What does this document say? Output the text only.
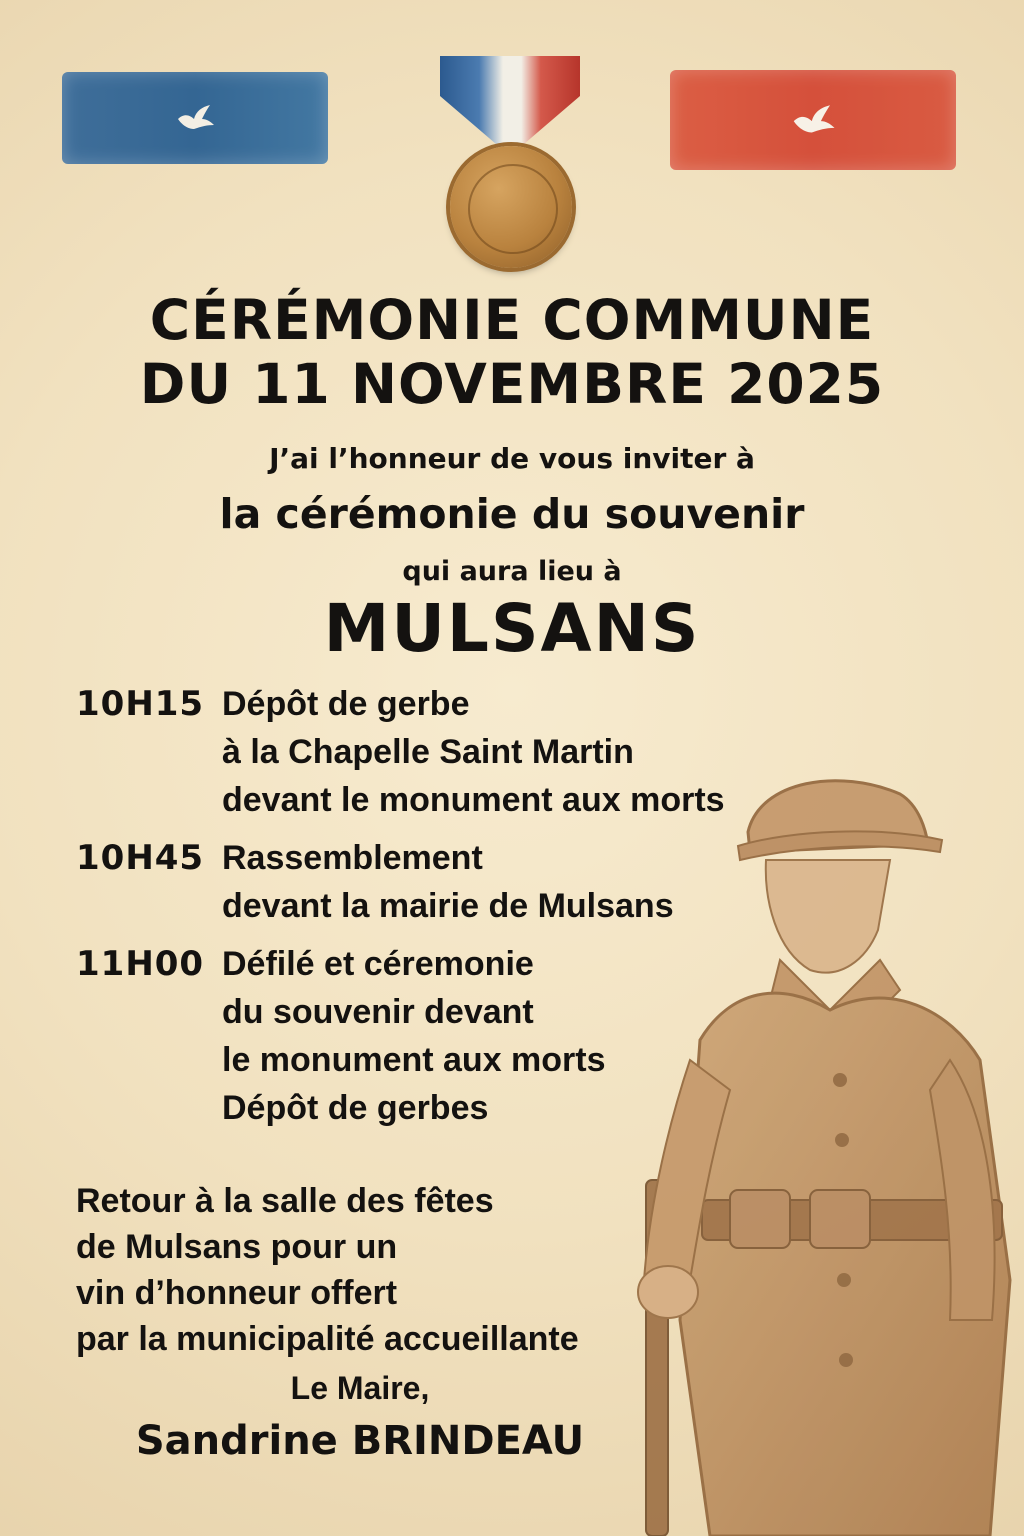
CÉRÉMONIE COMMUNE
DU 11 NOVEMBRE 2025
J’ai l’honneur de vous inviter à
la cérémonie du souvenir
qui aura lieu à
MULSANS
10H15 Dépôt de gerbe
à la Chapelle Saint Martin
devant le monument aux morts
10H45 Rassemblement
devant la mairie de Mulsans
11H00 Défilé et céremonie
du souvenir devant
le monument aux morts
Dépôt de gerbes
Retour à la salle des fêtes
de Mulsans pour un
vin d’honneur offert
par la municipalité accueillante
Le Maire,
Sandrine BRINDEAU
